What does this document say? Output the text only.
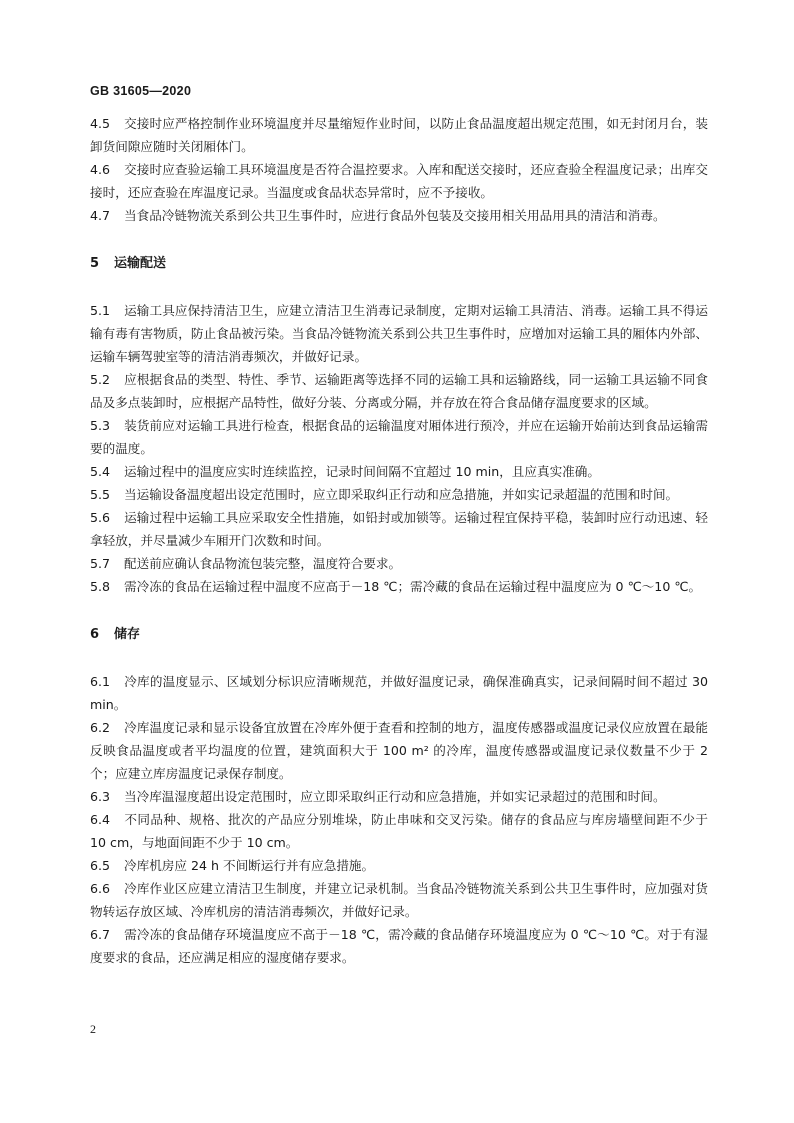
GB 31605—2020
4.5 交接时应严格控制作业环境温度并尽量缩短作业时间，以防止食品温度超出规定范围，如无封闭月台，装卸货间隙应随时关闭厢体门。
4.6 交接时应查验运输工具环境温度是否符合温控要求。入库和配送交接时，还应查验全程温度记录；出库交接时，还应查验在库温度记录。当温度或食品状态异常时，应不予接收。
4.7 当食品冷链物流关系到公共卫生事件时，应进行食品外包装及交接用相关用品用具的清洁和消毒。
5 运输配送
5.1 运输工具应保持清洁卫生，应建立清洁卫生消毒记录制度，定期对运输工具清洁、消毒。运输工具不得运输有毒有害物质，防止食品被污染。当食品冷链物流关系到公共卫生事件时，应增加对运输工具的厢体内外部、运输车辆驾驶室等的清洁消毒频次，并做好记录。
5.2 应根据食品的类型、特性、季节、运输距离等选择不同的运输工具和运输路线，同一运输工具运输不同食品及多点装卸时，应根据产品特性，做好分装、分离或分隔，并存放在符合食品储存温度要求的区域。
5.3 装货前应对运输工具进行检查，根据食品的运输温度对厢体进行预冷，并应在运输开始前达到食品运输需要的温度。
5.4 运输过程中的温度应实时连续监控，记录时间间隔不宜超过 10 min，且应真实准确。
5.5 当运输设备温度超出设定范围时，应立即采取纠正行动和应急措施，并如实记录超温的范围和时间。
5.6 运输过程中运输工具应采取安全性措施，如铅封或加锁等。运输过程宜保持平稳，装卸时应行动迅速、轻拿轻放，并尽量减少车厢开门次数和时间。
5.7 配送前应确认食品物流包装完整，温度符合要求。
5.8 需冷冻的食品在运输过程中温度不应高于－18 ℃；需冷藏的食品在运输过程中温度应为 0 ℃～10 ℃。
6 储存
6.1 冷库的温度显示、区域划分标识应清晰规范，并做好温度记录，确保准确真实，记录间隔时间不超过 30 min。
6.2 冷库温度记录和显示设备宜放置在冷库外便于查看和控制的地方，温度传感器或温度记录仪应放置在最能反映食品温度或者平均温度的位置，建筑面积大于 100 m² 的冷库，温度传感器或温度记录仪数量不少于 2 个；应建立库房温度记录保存制度。
6.3 当冷库温湿度超出设定范围时，应立即采取纠正行动和应急措施，并如实记录超过的范围和时间。
6.4 不同品种、规格、批次的产品应分别堆垛，防止串味和交叉污染。储存的食品应与库房墙壁间距不少于 10 cm，与地面间距不少于 10 cm。
6.5 冷库机房应 24 h 不间断运行并有应急措施。
6.6 冷库作业区应建立清洁卫生制度，并建立记录机制。当食品冷链物流关系到公共卫生事件时，应加强对货物转运存放区域、冷库机房的清洁消毒频次，并做好记录。
6.7 需冷冻的食品储存环境温度应不高于－18 ℃，需冷藏的食品储存环境温度应为 0 ℃～10 ℃。对于有湿度要求的食品，还应满足相应的湿度储存要求。
2
